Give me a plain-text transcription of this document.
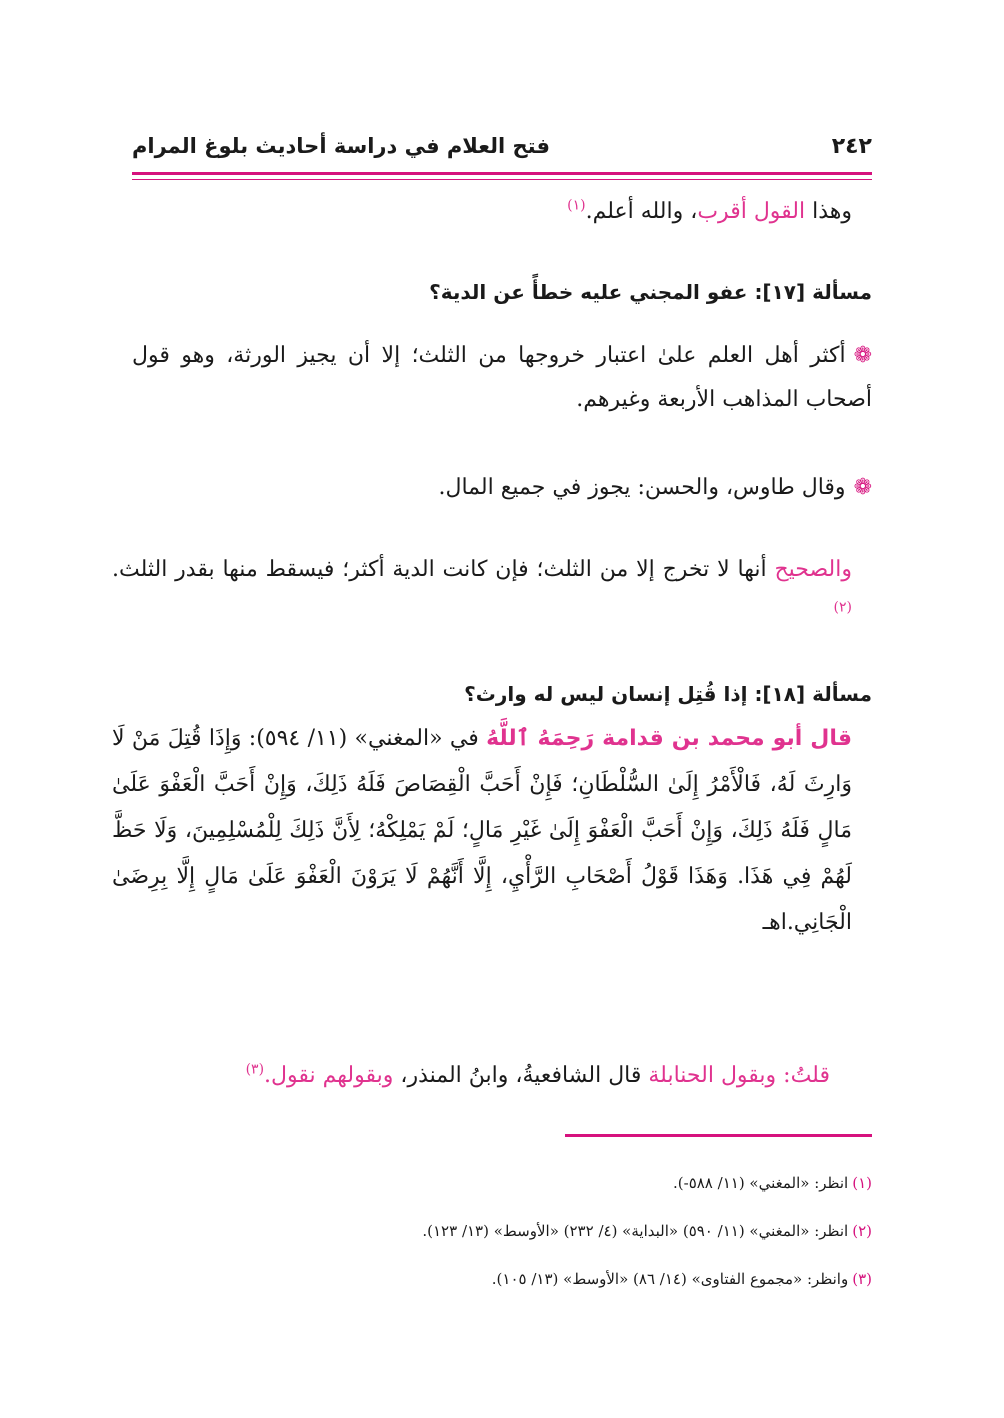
٢٤٢
فتح العلام في دراسة أحاديث بلوغ المرام
وهذا القول أقرب، والله أعلم.$^{(١)}$
مسألة [١٧]: عفو المجني عليه خطأً عن الدية؟
❁أكثر أهل العلم علىٰ اعتبار خروجها من الثلث؛ إلا أن يجيز الورثة، وهو قول أصحاب المذاهب الأربعة وغيرهم.
❁وقال طاوس، والحسن: يجوز في جميع المال.
والصحيح أنها لا تخرج إلا من الثلث؛ فإن كانت الدية أكثر؛ فيسقط منها بقدر الثلث.$^{(٢)}$
مسألة [١٨]: إذا قُتِل إنسان ليس له وارث؟
قال أبو محمد بن قدامة رَحِمَهُ ٱللَّهُ في «المغني» (١١/ ٥٩٤): وَإِذَا قُتِلَ مَنْ لَا وَارِثَ لَهُ، فَالْأَمْرُ إِلَىٰ السُّلْطَانِ؛ فَإِنْ أَحَبَّ الْقِصَاصَ فَلَهُ ذَلِكَ، وَإِنْ أَحَبَّ الْعَفْوَ عَلَىٰ مَالٍ فَلَهُ ذَلِكَ، وَإِنْ أَحَبَّ الْعَفْوَ إِلَىٰ غَيْرِ مَالٍ؛ لَمْ يَمْلِكْهُ؛ لِأَنَّ ذَلِكَ لِلْمُسْلِمِينَ، وَلَا حَظَّ لَهُمْ فِي هَذَا. وَهَذَا قَوْلُ أَصْحَابِ الرَّأْيِ، إِلَّا أَنَّهُمْ لَا يَرَوْنَ الْعَفْوَ عَلَىٰ مَالٍ إِلَّا بِرِضَىٰ الْجَانِي.اهـ
قلتُ: وبقول الحنابلة قال الشافعيةُ، وابنُ المنذر، وبقولهم نقول.$^{(٣)}$
(١)انظر: «المغني» (١١/ ٥٨٨-).
(٢)انظر: «المغني» (١١/ ٥٩٠) «البداية» (٤/ ٢٣٢) «الأوسط» (١٣/ ١٢٣).
(٣)وانظر: «مجموع الفتاوى» (١٤/ ٨٦) «الأوسط» (١٣/ ١٠٥).
